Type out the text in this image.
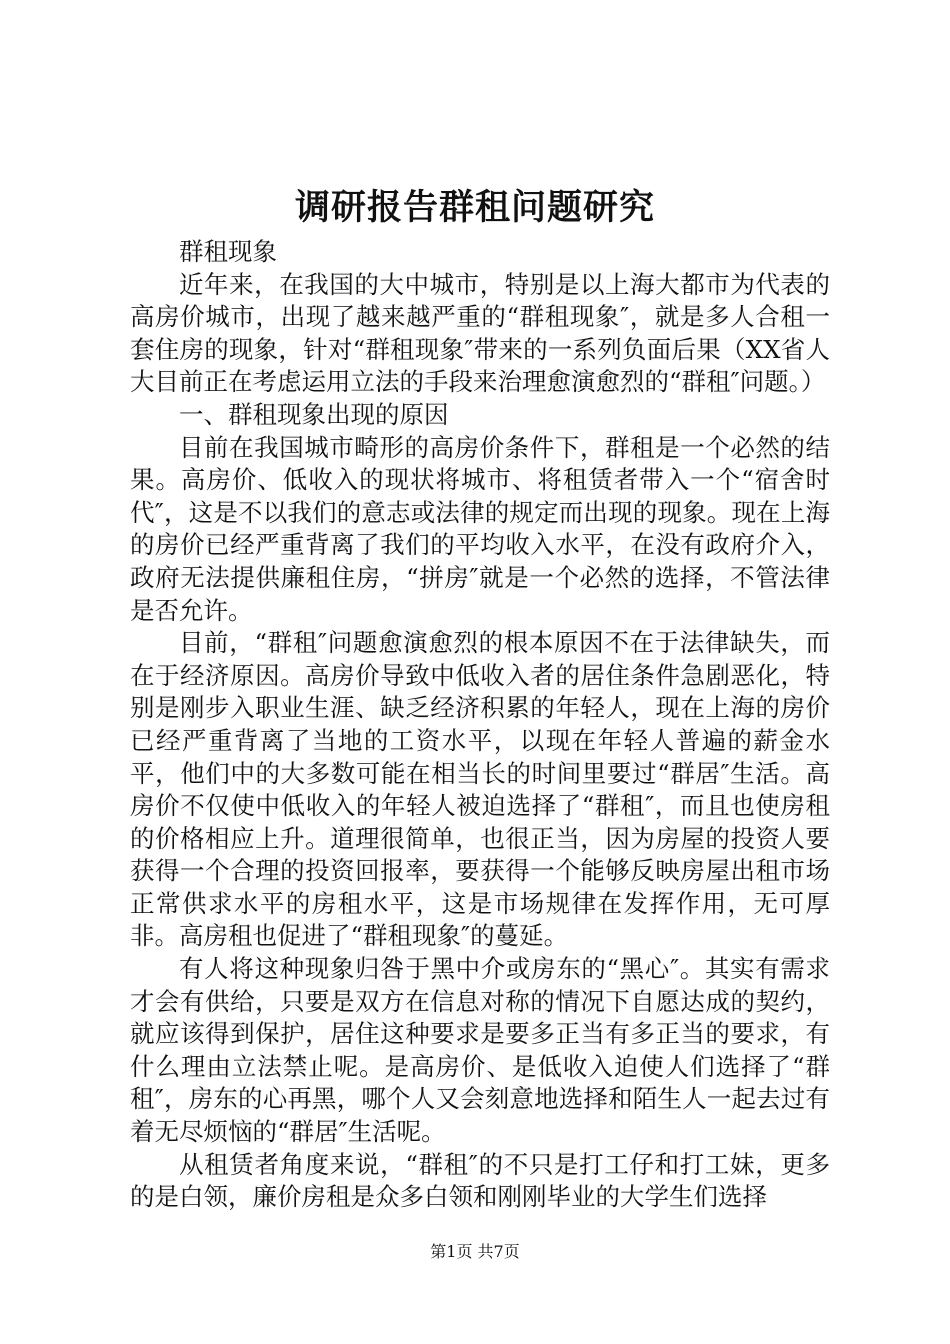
调研报告群租问题研究

群租现象

近年来，在我国的大中城市，特别是以上海大都市为代表的高房价城市，出现了越来越严重的“群租现象″，就是多人合租一套住房的现象，针对“群租现象″带来的一系列负面后果（XX省人大目前正在考虑运用立法的手段来治理愈演愈烈的“群租″问题。）

一、群租现象出现的原因

目前在我国城市畸形的高房价条件下，群租是一个必然的结果。高房价、低收入的现状将城市、将租赁者带入一个“宿舍时代″，这是不以我们的意志或法律的规定而出现的现象。现在上海的房价已经严重背离了我们的平均收入水平，在没有政府介入，政府无法提供廉租住房，“拼房″就是一个必然的选择，不管法律是否允许。

目前，“群租″问题愈演愈烈的根本原因不在于法律缺失，而在于经济原因。高房价导致中低收入者的居住条件急剧恶化，特别是刚步入职业生涯、缺乏经济积累的年轻人，现在上海的房价已经严重背离了当地的工资水平，以现在年轻人普遍的薪金水平，他们中的大多数可能在相当长的时间里要过“群居″生活。高房价不仅使中低收入的年轻人被迫选择了“群租″，而且也使房租的价格相应上升。道理很简单，也很正当，因为房屋的投资人要获得一个合理的投资回报率，要获得一个能够反映房屋出租市场正常供求水平的房租水平，这是市场规律在发挥作用，无可厚非。高房租也促进了“群租现象″的蔓延。

有人将这种现象归咎于黑中介或房东的“黑心″。其实有需求才会有供给，只要是双方在信息对称的情况下自愿达成的契约，就应该得到保护，居住这种要求是要多正当有多正当的要求，有什么理由立法禁止呢。是高房价、是低收入迫使人们选择了“群租″，房东的心再黑，哪个人又会刻意地选择和陌生人一起去过有着无尽烦恼的“群居″生活呢。

从租赁者角度来说，“群租″的不只是打工仔和打工妹，更多的是白领，廉价房租是众多白领和刚刚毕业的大学生们选择

第1页 共7页
